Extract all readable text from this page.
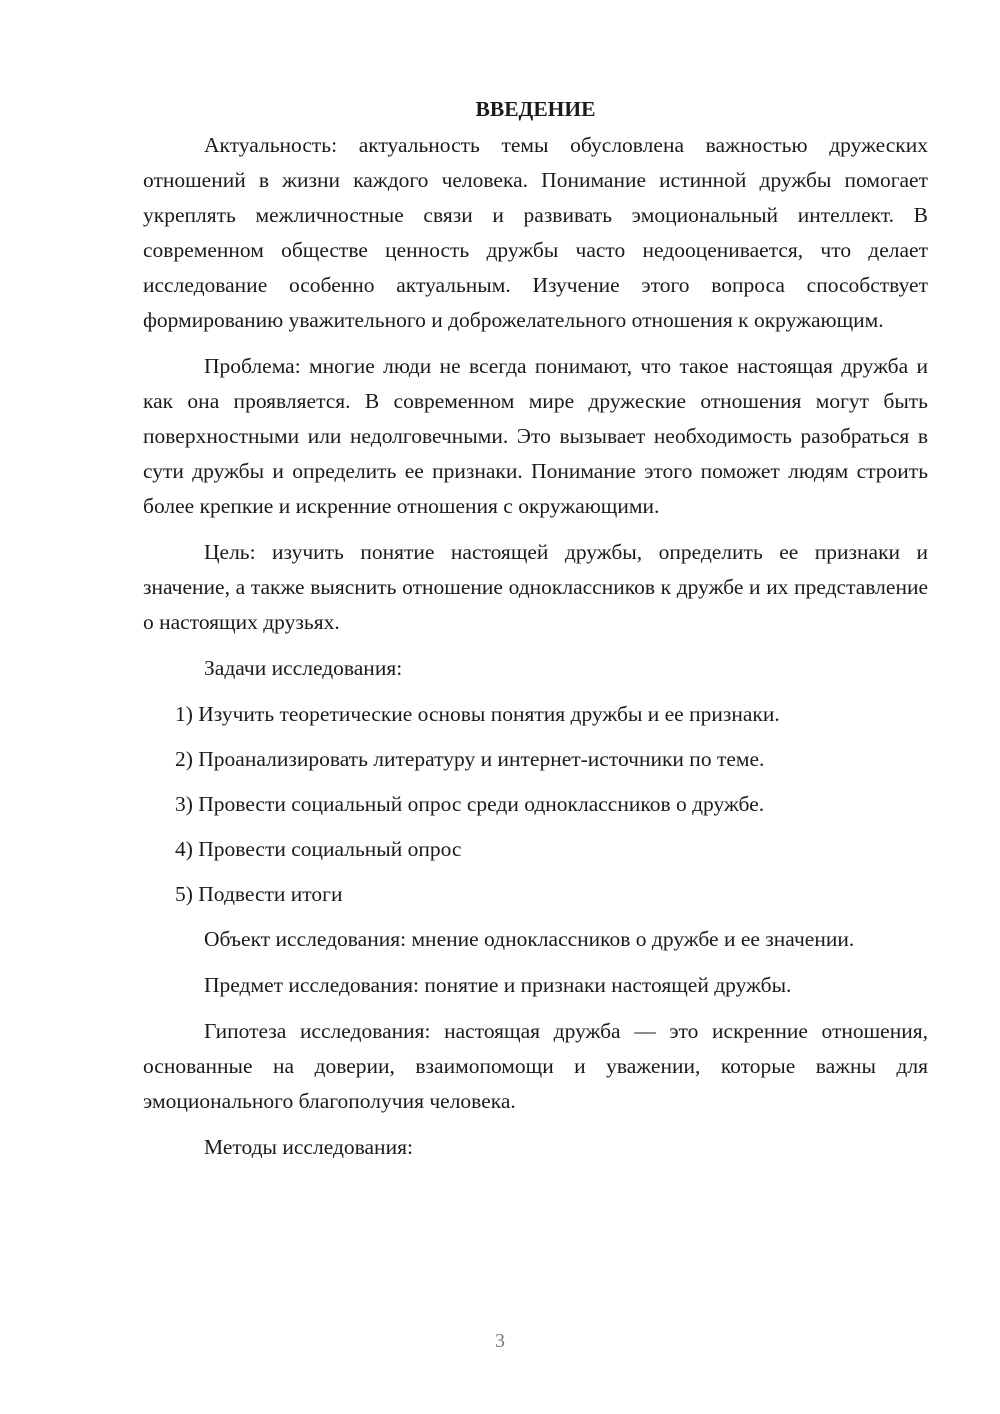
ВВЕДЕНИЕ

Актуальность: актуальность темы обусловлена важностью дружеских отношений в жизни каждого человека. Понимание истинной дружбы помогает укреплять межличностные связи и развивать эмоциональный интеллект. В современном обществе ценность дружбы часто недооценивается, что делает исследование особенно актуальным. Изучение этого вопроса способствует формированию уважительного и доброжелательного отношения к окружающим.

Проблема: многие люди не всегда понимают, что такое настоящая дружба и как она проявляется. В современном мире дружеские отношения могут быть поверхностными или недолговечными. Это вызывает необходимость разобраться в сути дружбы и определить ее признаки. Понимание этого поможет людям строить более крепкие и искренние отношения с окружающими.

Цель: изучить понятие настоящей дружбы, определить ее признаки и значение, а также выяснить отношение одноклассников к дружбе и их представление о настоящих друзьях.

Задачи исследования:

1) Изучить теоретические основы понятия дружбы и ее признаки.
2) Проанализировать литературу и интернет-источники по теме.
3) Провести социальный опрос среди одноклассников о дружбе.
4) Провести социальный опрос
5) Подвести итоги

Объект исследования: мнение одноклассников о дружбе и ее значении.

Предмет исследования: понятие и признаки настоящей дружбы.

Гипотеза исследования: настоящая дружба — это искренние отношения, основанные на доверии, взаимопомощи и уважении, которые важны для эмоционального благополучия человека.

Методы исследования:

3
